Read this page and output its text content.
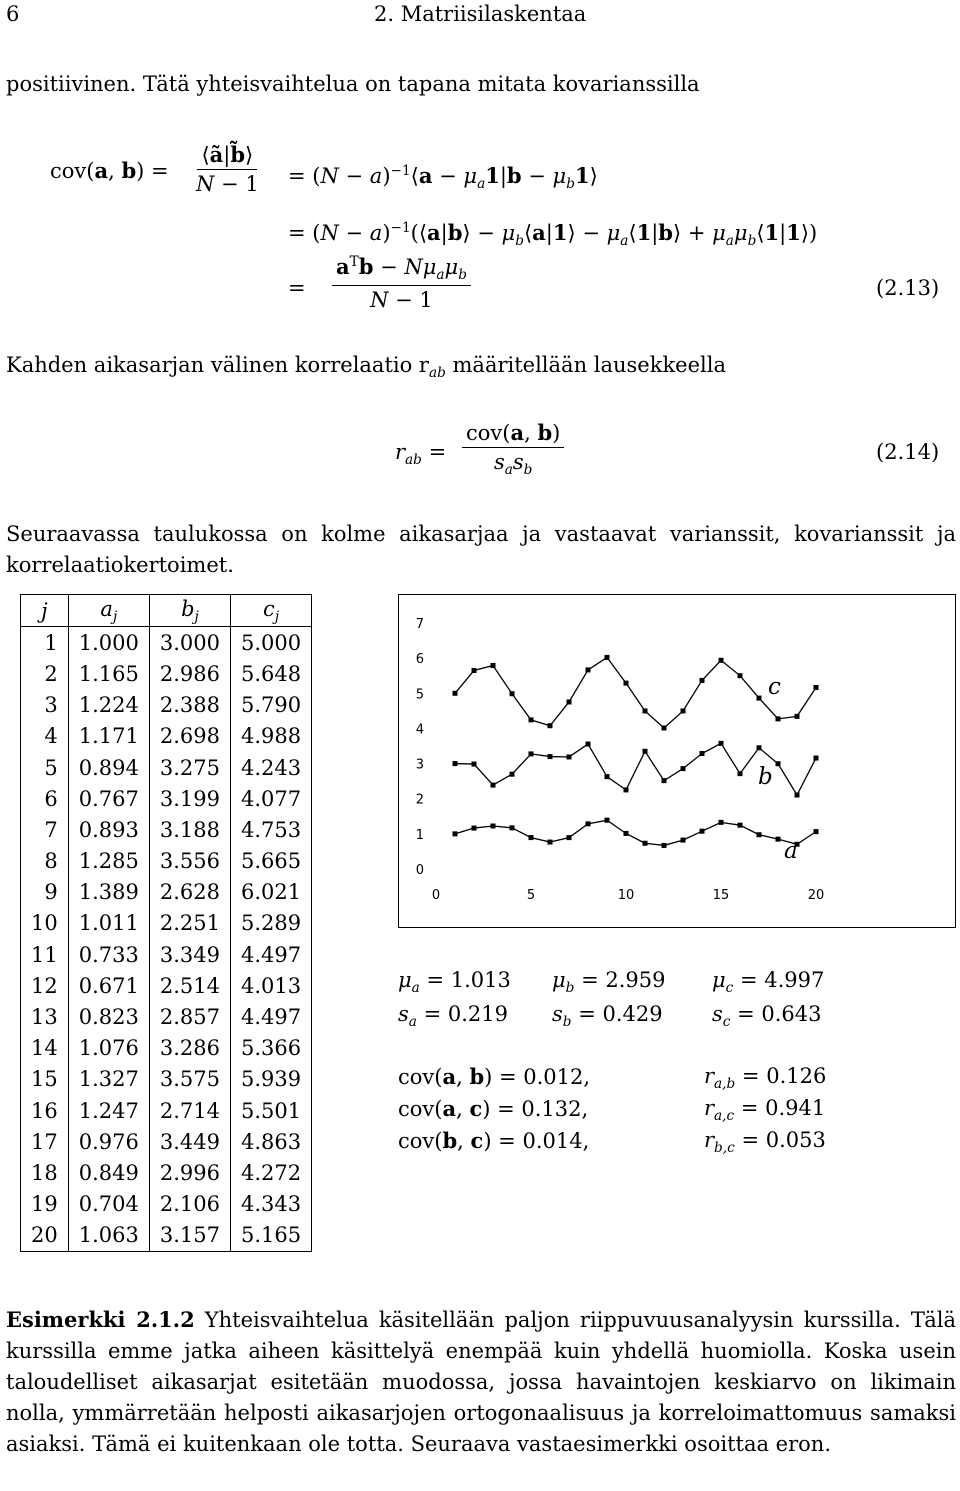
6	2. Matriisilaskentaa
positiivinen. Tätä yhteisvaihtelua on tapana mitata kovarianssilla
cov(a, $b) = \frac{⟨ã|b̃⟩}{N - 1} = (N$ − $a)^{-1}⟨a - \mu_a1|b$ − $\mu_b1⟩$
= $(N - a)^{-1}(⟨a|b⟩$ − $\mu_b⟨a|1⟩$ − $\mu_a⟨1|b⟩$ + $\mu_a\mu_b⟨1|1⟩$)
= $\frac{a^Tb - N\mu_a\mu_b}{N - 1}$	(2.13)
Kahden aikasarjan välinen korrelaatio $r_{ab}$ määritellään lausekkeella
$r_{ab} = \frac{\text{cov(a, b)}}{s_as_b}$	(2.14)
Seuraavassa taulukossa on kolme aikasarjaa ja vastaavat varianssit, kovarianssit ja korrelaatiokertoimet.
j	$a_j$	$b_j$	$c_j$
1	1.000	3.000	5.000
2	1.165	2.986	5.648
3	1.224	2.388	5.790
4	1.171	2.698	4.988
5	0.894	3.275	4.243
6	0.767	3.199	4.077
7	0.893	3.188	4.753
8	1.285	3.556	5.665
9	1.389	2.628	6.021
10	1.011	2.251	5.289
11	0.733	3.349	4.497
12	0.671	2.514	4.013
13	0.823	2.857	4.497
14	1.076	3.286	5.366
15	1.327	3.575	5.939
16	1.247	2.714	5.501
17	0.976	3.449	4.863
18	0.849	2.996	4.272
19	0.704	2.106	4.343
20	1.063	3.157	5.165
0
1
2
3
4
5
6
7
0	5	10	15	20
c
b
a
$\mu_a = 1.013$ $\mu_b = 2.959$ $\mu_c = 4.997$
$s_a = 0.219$ $s_b = 0.429$ $s_c = 0.643$
cov(a, b) = 0.012,	$r_{a,b} = 0.126$
cov(a, c) = 0.132,	$r_{a,c} = 0.941$
cov(b, c) = 0.014,	$r_{b,c} = 0.053$
Esimerkki 2.1.2 Yhteisvaihtelua käsitellään paljon riippuvuusanalyysin kurssilla. Tälä kurssilla emme jatka aiheen käsittelyä enempää kuin yhdellä huomiolla. Koska usein taloudelliset aikasarjat esitetään muodossa, jossa havaintojen keskiarvo on likimain nolla, ymmärretään helposti aikasarjojen ortogonaalisuus ja korreloimattomuus samaksi asiaksi. Tämä ei kuitenkaan ole totta. Seuraava vastaesimerkki osoittaa eron.
